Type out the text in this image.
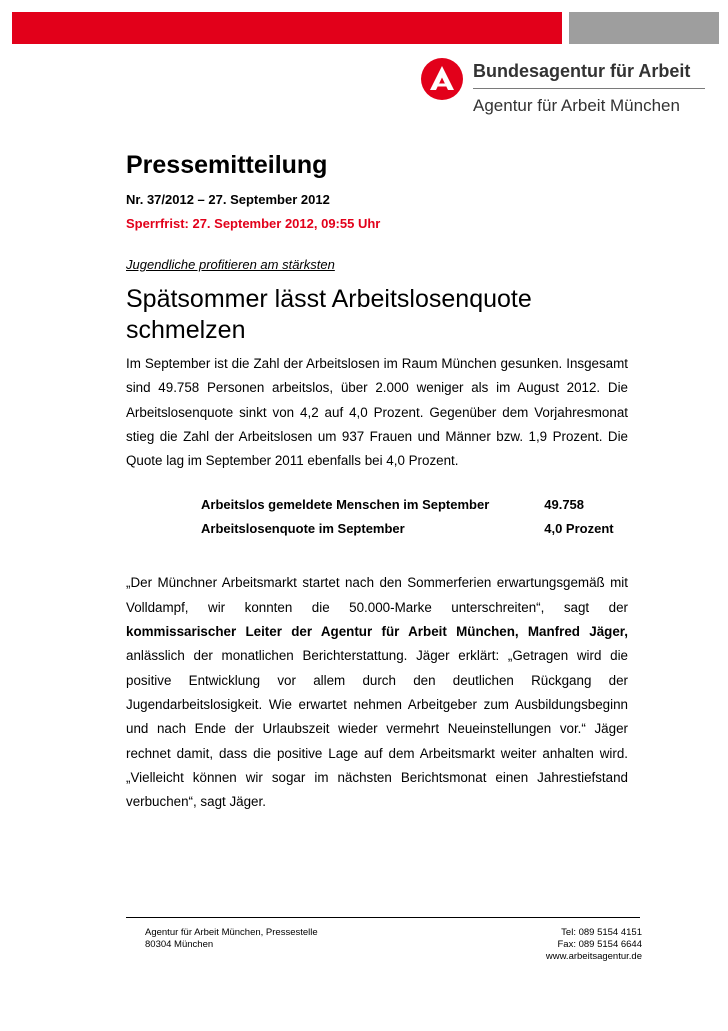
Bundesagentur für Arbeit
Agentur für Arbeit München
Pressemitteilung
Nr. 37/2012 – 27. September 2012
Sperrfrist: 27. September 2012, 09:55 Uhr
Jugendliche profitieren am stärksten
Spätsommer lässt Arbeitslosenquote
schmelzen

Im September ist die Zahl der Arbeitslosen im Raum München gesunken. Insgesamt sind 49.758 Personen arbeitslos, über 2.000 weniger als im August 2012. Die Arbeitslosenquote sinkt von 4,2 auf 4,0 Prozent. Gegenüber dem Vorjahresmonat stieg die Zahl der Arbeitslosen um 937 Frauen und Männer bzw. 1,9 Prozent. Die Quote lag im September 2011 ebenfalls bei 4,0 Prozent.

Arbeitslos gemeldete Menschen im September	49.758
Arbeitslosenquote im September	4,0 Prozent

„Der Münchner Arbeitsmarkt startet nach den Sommerferien erwartungsgemäß mit Volldampf, wir konnten die 50.000-Marke unterschreiten“, sagt der kommissarischer Leiter der Agentur für Arbeit München, Manfred Jäger, anlässlich der monatlichen Berichterstattung. Jäger erklärt: „Getragen wird die positive Entwicklung vor allem durch den deutlichen Rückgang der Jugendarbeitslosigkeit. Wie erwartet nehmen Arbeitgeber zum Ausbildungsbeginn und nach Ende der Urlaubszeit wieder vermehrt Neueinstellungen vor.“ Jäger rechnet damit, dass die positive Lage auf dem Arbeitsmarkt weiter anhalten wird. „Vielleicht können wir sogar im nächsten Berichtsmonat einen Jahrestiefstand verbuchen“, sagt Jäger.

Agentur für Arbeit München, Pressestelle
80304 München
Tel: 089 5154 4151
Fax: 089 5154 6644
www.arbeitsagentur.de
